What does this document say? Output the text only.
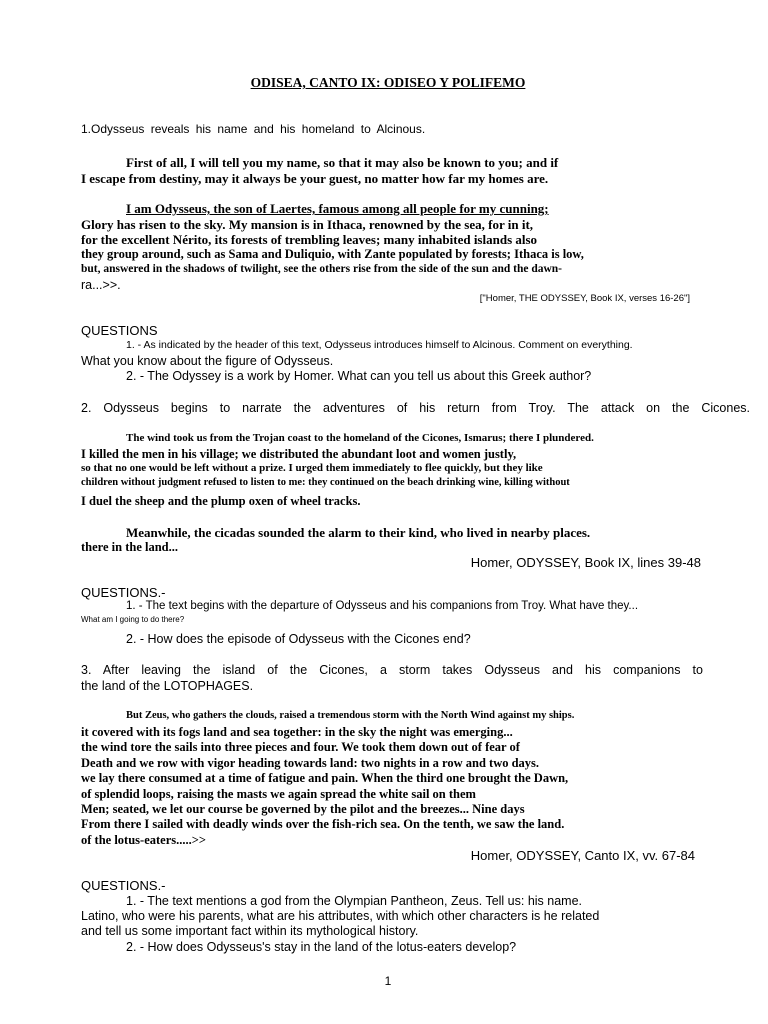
ODISEA, CANTO IX: ODISEO Y POLIFEMO
1.Odysseus reveals his name and his homeland to Alcinous.
First of all, I will tell you my name, so that it may also be known to you; and if
I escape from destiny, may it always be your guest, no matter how far my homes are.
I am Odysseus, the son of Laertes, famous among all people for my cunning;
Glory has risen to the sky. My mansion is in Ithaca, renowned by the sea, for in it,
for the excellent Nérito, its forests of trembling leaves; many inhabited islands also
they group around, such as Sama and Duliquio, with Zante populated by forests; Ithaca is low,
but, answered in the shadows of twilight, see the others rise from the side of the sun and the dawn-
ra...>>.
["Homer, THE ODYSSEY, Book IX, verses 16-26"]
QUESTIONS
1. - As indicated by the header of this text, Odysseus introduces himself to Alcinous. Comment on everything.
What you know about the figure of Odysseus.
2. - The Odyssey is a work by Homer. What can you tell us about this Greek author?
2. Odysseus begins to narrate the adventures of his return from Troy. The attack on the Cicones.
The wind took us from the Trojan coast to the homeland of the Cicones, Ismarus; there I plundered.
I killed the men in his village; we distributed the abundant loot and women justly,
so that no one would be left without a prize. I urged them immediately to flee quickly, but they like
children without judgment refused to listen to me: they continued on the beach drinking wine, killing without
I duel the sheep and the plump oxen of wheel tracks.
Meanwhile, the cicadas sounded the alarm to their kind, who lived in nearby places.
there in the land...
Homer, ODYSSEY, Book IX, lines 39-48
QUESTIONS.-
1. - The text begins with the departure of Odysseus and his companions from Troy. What have they...
What am I going to do there?
2. - How does the episode of Odysseus with the Cicones end?
3. After leaving the island of the Cicones, a storm takes Odysseus and his companions to
the land of the LOTOPHAGES.
But Zeus, who gathers the clouds, raised a tremendous storm with the North Wind against my ships.
it covered with its fogs land and sea together: in the sky the night was emerging...
the wind tore the sails into three pieces and four. We took them down out of fear of
Death and we row with vigor heading towards land: two nights in a row and two days.
we lay there consumed at a time of fatigue and pain. When the third one brought the Dawn,
of splendid loops, raising the masts we again spread the white sail on them
Men; seated, we let our course be governed by the pilot and the breezes... Nine days
From there I sailed with deadly winds over the fish-rich sea. On the tenth, we saw the land.
of the lotus-eaters.....>>
Homer, ODYSSEY, Canto IX, vv. 67-84
QUESTIONS.-
1. - The text mentions a god from the Olympian Pantheon, Zeus. Tell us: his name.
Latino, who were his parents, what are his attributes, with which other characters is he related
and tell us some important fact within its mythological history.
2. - How does Odysseus's stay in the land of the lotus-eaters develop?
1
